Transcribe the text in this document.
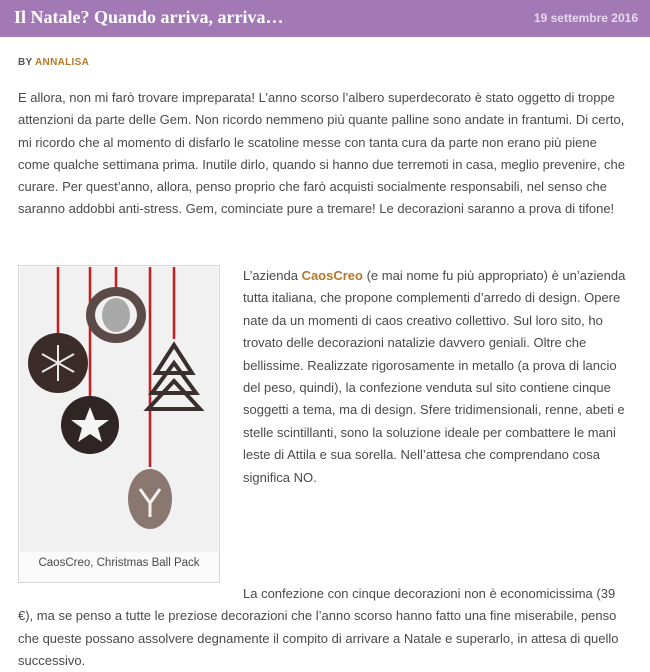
Il Natale? Quando arriva, arriva…	19 settembre 2016
BY ANNALISA

E allora, non mi farò trovare impreparata! L’anno scorso l’albero superdecorato è stato oggetto di troppe attenzioni da parte delle Gem. Non ricordo nemmeno più quante palline sono andate in frantumi. Di certo, mi ricordo che al momento di disfarlo le scatoline messe con tanta cura da parte non erano più piene come qualche settimana prima. Inutile dirlo, quando si hanno due terremoti in casa, meglio prevenire, che curare. Per quest’anno, allora, penso proprio che farò acquisti socialmente responsabili, nel senso che saranno addobbi anti-stress. Gem, cominciate pure a tremare! Le decorazioni saranno a prova di tifone!

CaosCreo, Christmas Ball Pack

L’azienda CaosCreo (e mai nome fu più appropriato) è un’azienda tutta italiana, che propone complementi d’arredo di design. Opere nate da un momenti di caos creativo collettivo. Sul loro sito, ho trovato delle decorazioni natalizie davvero geniali. Oltre che bellissime. Realizzate rigorosamente in metallo (a prova di lancio del peso, quindi), la confezione venduta sul sito contiene cinque soggetti a tema, ma di design. Sfere tridimensionali, renne, abeti e stelle scintillanti, sono la soluzione ideale per combattere le mani leste di Attila e sua sorella. Nell’attesa che comprendano cosa significa NO.

La confezione con cinque decorazioni non è economicissima (39 €), ma se penso a tutte le preziose decorazioni che l’anno scorso hanno fatto una fine miserabile, penso che queste possano assolvere degnamente il compito di arrivare a Natale e superarlo, in attesa di quello successivo.
